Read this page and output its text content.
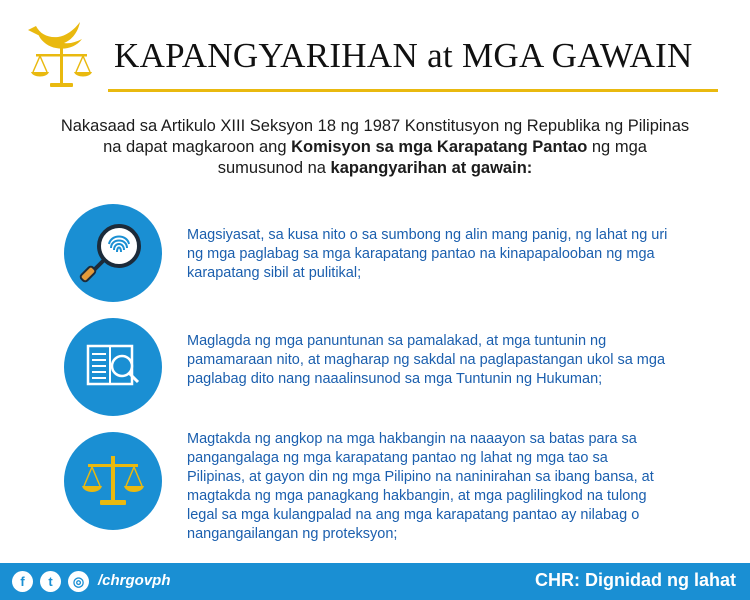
KAPANGYARIHAN at MGA GAWAIN
Nakasaad sa Artikulo XIII Seksyon 18 ng 1987 Konstitusyon ng Republika ng Pilipinas
na dapat magkaroon ang Komisyon sa mga Karapatang Pantao ng mga
sumusunod na kapangyarihan at gawain:
Magsiyasat, sa kusa nito o sa sumbong ng alin mang panig, ng lahat ng uri
ng mga paglabag sa mga karapatang pantao na kinapapalooban ng mga
karapatang sibil at pulitikal;
Maglagda ng mga panuntunan sa pamalakad, at mga tuntunin ng
pamamaraan nito, at magharap ng sakdal na paglapastangan ukol sa mga
paglabag dito nang naaalinsunod sa mga Tuntunin ng Hukuman;
Magtakda ng angkop na mga hakbangin na naaayon sa batas para sa
pangangalaga ng mga karapatang pantao ng lahat ng mga tao sa
Pilipinas, at gayon din ng mga Pilipino na naninirahan sa ibang bansa, at
magtakda ng mga panagkang hakbangin, at mga paglilingkod na tulong
legal sa mga kulangpalad na ang mga karapatang pantao ay nilabag o
nangangailangan ng proteksyon;
f	t	◎ /chrgovph	CHR: Dignidad ng lahat
